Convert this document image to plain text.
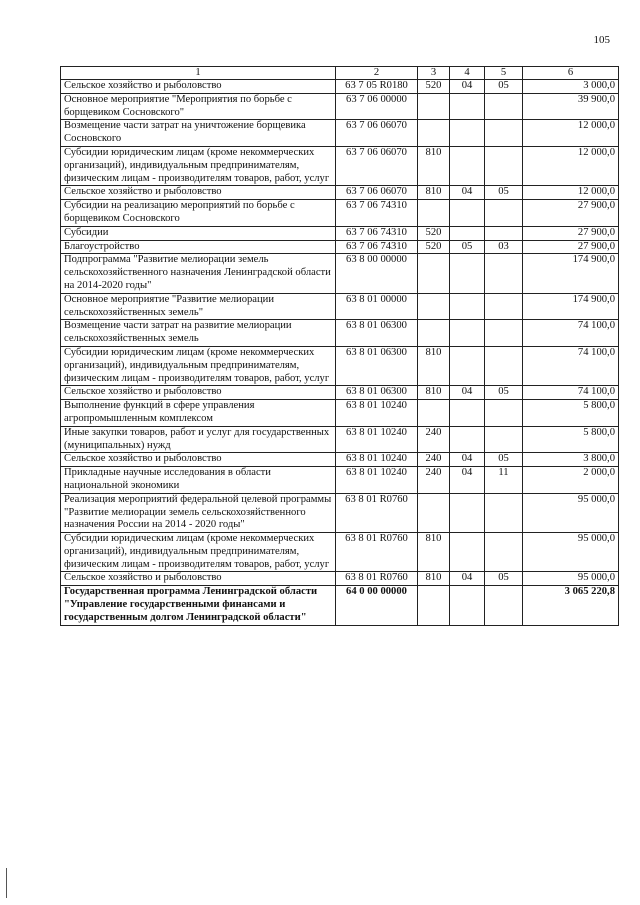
105
1	2	3	4	5	6
Сельское хозяйство и рыболовство	63 7 05 R0180	520	04	05	3 000,0
Основное мероприятие "Мероприятия по борьбе с борщевиком Сосновского"	63 7 06 00000				39 900,0
Возмещение части затрат на уничтожение борщевика Сосновского	63 7 06 06070				12 000,0
Субсидии юридическим лицам (кроме некоммерческих организаций), индивидуальным предпринимателям, физическим лицам - производителям товаров, работ, услуг	63 7 06 06070	810			12 000,0
Сельское хозяйство и рыболовство	63 7 06 06070	810	04	05	12 000,0
Субсидии на реализацию мероприятий по борьбе с борщевиком Сосновского	63 7 06 74310				27 900,0
Субсидии	63 7 06 74310	520			27 900,0
Благоустройство	63 7 06 74310	520	05	03	27 900,0
Подпрограмма "Развитие мелиорации земель сельскохозяйственного назначения Ленинградской области на 2014-2020 годы"	63 8 00 00000				174 900,0
Основное мероприятие "Развитие мелиорации сельскохозяйственных земель"	63 8 01 00000				174 900,0
Возмещение части затрат на развитие мелиорации сельскохозяйственных земель	63 8 01 06300				74 100,0
Субсидии юридическим лицам (кроме некоммерческих организаций), индивидуальным предпринимателям, физическим лицам - производителям товаров, работ, услуг	63 8 01 06300	810			74 100,0
Сельское хозяйство и рыболовство	63 8 01 06300	810	04	05	74 100,0
Выполнение функций в сфере управления агропромышленным комплексом	63 8 01 10240				5 800,0
Иные закупки товаров, работ и услуг для государственных (муниципальных) нужд	63 8 01 10240	240			5 800,0
Сельское хозяйство и рыболовство	63 8 01 10240	240	04	05	3 800,0
Прикладные научные исследования в области национальной экономики	63 8 01 10240	240	04	11	2 000,0
Реализация мероприятий федеральной целевой программы "Развитие мелиорации земель сельскохозяйственного назначения России на 2014 - 2020 годы"	63 8 01 R0760				95 000,0
Субсидии юридическим лицам (кроме некоммерческих организаций), индивидуальным предпринимателям, физическим лицам - производителям товаров, работ, услуг	63 8 01 R0760	810			95 000,0
Сельское хозяйство и рыболовство	63 8 01 R0760	810	04	05	95 000,0
Государственная программа Ленинградской области "Управление государственными финансами и государственным долгом Ленинградской области"	64 0 00 00000				3 065 220,8
